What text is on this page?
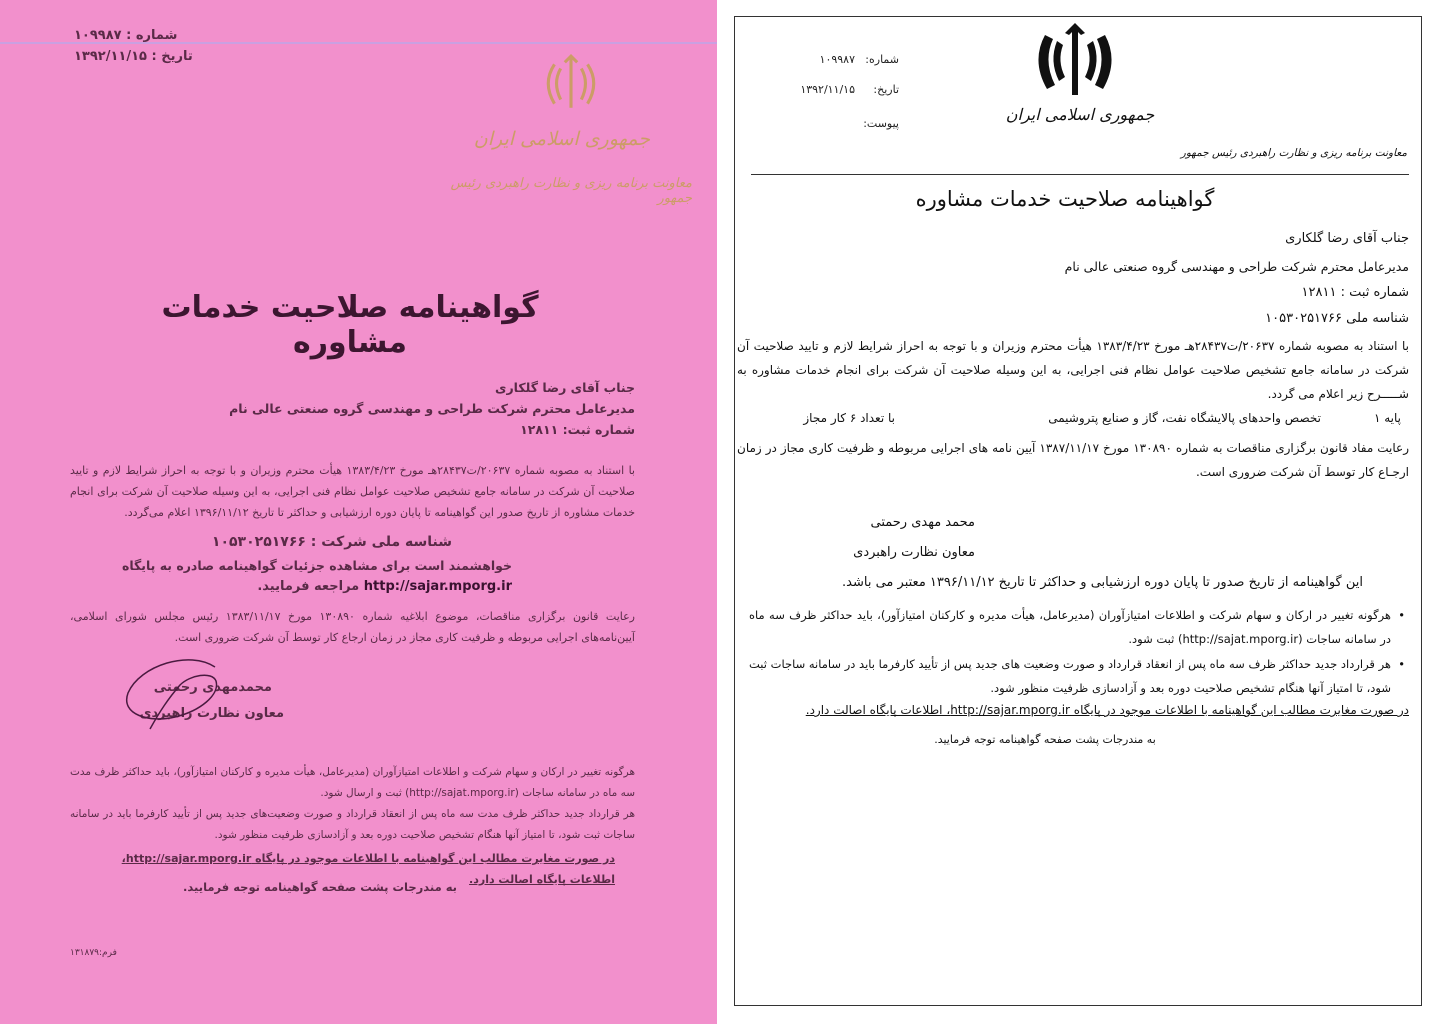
شماره : ۱۰۹۹۸۷
تاریخ : ۱۳۹۲/۱۱/۱۵
جمهوری اسلامی ایران
معاونت برنامه ریزی و نظارت راهبردی رئیس جمهور
گواهینامه صلاحیت خدمات مشاوره
جناب آقای رضا گلکاری
مدیرعامل محترم شرکت طراحی و مهندسی گروه صنعتی عالی نام
شماره ثبت: ۱۲۸۱۱
با استناد به مصوبه شماره ۲۰۶۳۷/ت۲۸۴۳۷هـ مورخ ۱۳۸۳/۴/۲۳ هیأت محترم وزیران و با توجه به احراز شرایط لازم و تایید صلاحیت آن شرکت در سامانه جامع تشخیص صلاحیت عوامل نظام فنی اجرایی، به این وسیله صلاحیت آن شرکت برای انجام خدمات مشاوره از تاریخ صدور این گواهینامه تا پایان دوره ارزشیابی و حداکثر تا تاریخ ۱۳۹۶/۱۱/۱۲ اعلام می‌گردد.
شناسه ملی شرکت : ۱۰۵۳۰۲۵۱۷۶۶
خواهشمند است برای مشاهده جزئیات گواهینامه صادره به پایگاه
http://sajar.mporg.ir مراجعه فرمایید.
رعایت قانون برگزاری مناقصات، موضوع ابلاغیه شماره ۱۳۰۸۹۰ مورخ ۱۳۸۳/۱۱/۱۷ رئیس مجلس شورای اسلامی، آیین‌نامه‌های اجرایی مربوطه و ظرفیت کاری مجاز در زمان ارجاع کار توسط آن شرکت ضروری است.
محمدمهدی رحمتی
معاون نظارت راهبردی
هرگونه تغییر در ارکان و سهام شرکت و اطلاعات امتیازآوران (مدیرعامل، هیأت مدیره و کارکنان امتیازآور)، باید حداکثر ظرف مدت سه ماه در سامانه ساجات (http://sajat.mporg.ir) ثبت و ارسال شود.
هر قرارداد جدید حداکثر ظرف مدت سه ماه پس از انعقاد قرارداد و صورت وضعیت‌های جدید پس از تأیید کارفرما باید در سامانه ساجات ثبت شود، تا امتیاز آنها هنگام تشخیص صلاحیت دوره بعد و آزادسازی ظرفیت منظور شود.
در صورت مغایرت مطالب این گواهینامه با اطلاعات موجود در پایگاه http://sajar.mporg.ir، اطلاعات پایگاه اصالت دارد.
به مندرجات پشت صفحه گواهینامه توجه فرمایید.
فرم:۱۳۱۸۷۹
شماره:
۱۰۹۹۸۷
تاریخ:
۱۳۹۲/۱۱/۱۵
پیوست:	جمهوری اسلامی ایران
معاونت برنامه ریزی و نظارت راهبردی رئیس جمهور
گواهینامه صلاحیت خدمات مشاوره
جناب آقای رضا گلکاری
مدیرعامل محترم شرکت طراحی و مهندسی گروه صنعتی عالی نام
شماره ثبت : ۱۲۸۱۱
شناسه ملی ۱۰۵۳۰۲۵۱۷۶۶
با استناد به مصوبه شماره ۲۰۶۳۷/ت۲۸۴۳۷هـ مورخ ۱۳۸۳/۴/۲۳ هیأت محترم وزیران و با توجه به احراز شرایط لازم و تایید صلاحیت آن شرکت در سامانه جامع تشخیص صلاحیت عوامل نظام فنی اجرایی، به این وسیله صلاحیت آن شرکت برای انجام خدمات مشاوره به شـــــرح زیر اعلام می گردد.
پایه ۱
تخصص واحدهای پالایشگاه نفت، گاز و صنایع پتروشیمی
با تعداد ۶ کار مجاز
رعایت مفاد قانون برگزاری مناقصات به شماره ۱۳۰۸۹۰ مورخ ۱۳۸۷/۱۱/۱۷ آیین نامه های اجرایی مربوطه و ظرفیت کاری مجاز در زمان ارجـاع کار توسط آن شرکت ضروری است.
محمد مهدی رحمتی
معاون نظارت راهبردی
این گواهینامه از تاریخ صدور تا پایان دوره ارزشیابی و حداکثر تا تاریخ ۱۳۹۶/۱۱/۱۲ معتبر می باشد.
• هرگونه تغییر در ارکان و سهام شرکت و اطلاعات امتیازآوران (مدیرعامل، هیأت مدیره و کارکنان امتیازآور)، باید حداکثر ظرف سه ماه در سامانه ساجات (http://sajat.mporg.ir) ثبت شود.
• هر قرارداد جدید حداکثر ظرف سه ماه پس از انعقاد قرارداد و صورت وضعیت های جدید پس از تأیید کارفرما باید در سامانه ساجات ثبت شود، تا امتیاز آنها هنگام تشخیص صلاحیت دوره بعد و آزادسازی ظرفیت منظور شود.
در صورت مغایرت مطالب این گواهینامه با اطلاعات موجود در پایگاه http://sajar.mporg.ir، اطلاعات پایگاه اصالت دارد.
به مندرجات پشت صفحه گواهینامه توجه فرمایید.
